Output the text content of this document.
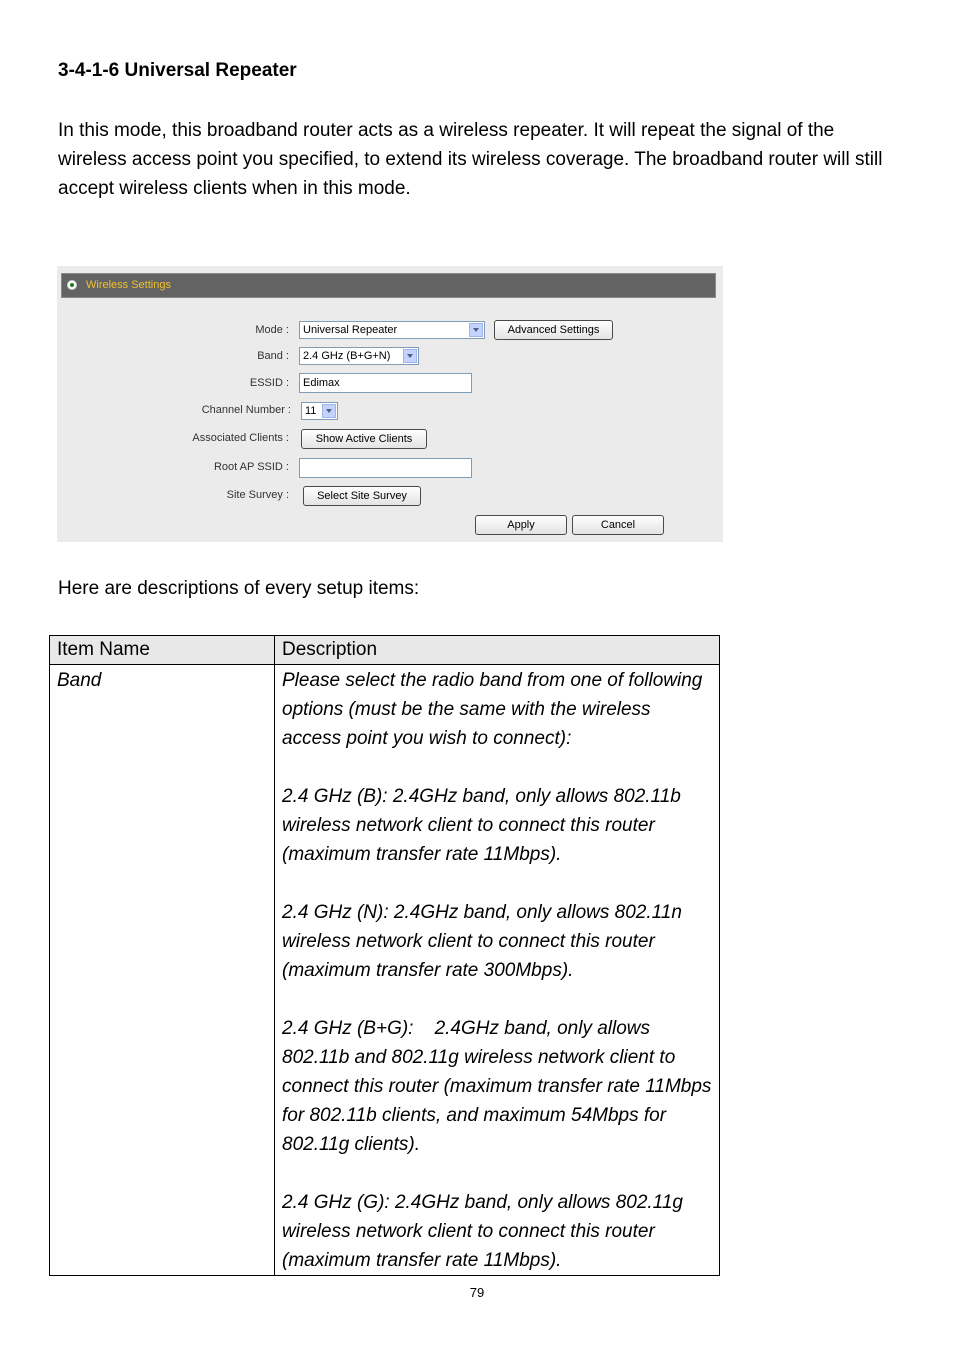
3-4-1-6 Universal Repeater
In this mode, this broadband router acts as a wireless repeater. It will repeat the signal of the wireless access point you specified, to extend its wireless coverage. The broadband router will still accept wireless clients when in this mode.
Wireless Settings
Mode :	Universal Repeater	Advanced Settings
Band :	2.4 GHz (B+G+N)
ESSID :	Edimax
Channel Number :	11
Associated Clients :	Show Active Clients
Root AP SSID :
Site Survey :	Select Site Survey
Apply	Cancel
Here are descriptions of every setup items:
Item Name	Description
Band	Please select the radio band from one of following options (must be the same with the wireless access point you wish to connect):

2.4 GHz (B): 2.4GHz band, only allows 802.11b wireless network client to connect this router (maximum transfer rate 11Mbps).

2.4 GHz (N): 2.4GHz band, only allows 802.11n wireless network client to connect this router (maximum transfer rate 300Mbps).

2.4 GHz (B+G):    2.4GHz band, only allows 802.11b and 802.11g wireless network client to connect this router (maximum transfer rate 11Mbps for 802.11b clients, and maximum 54Mbps for 802.11g clients).

2.4 GHz (G): 2.4GHz band, only allows 802.11g wireless network client to connect this router (maximum transfer rate 11Mbps).

79
